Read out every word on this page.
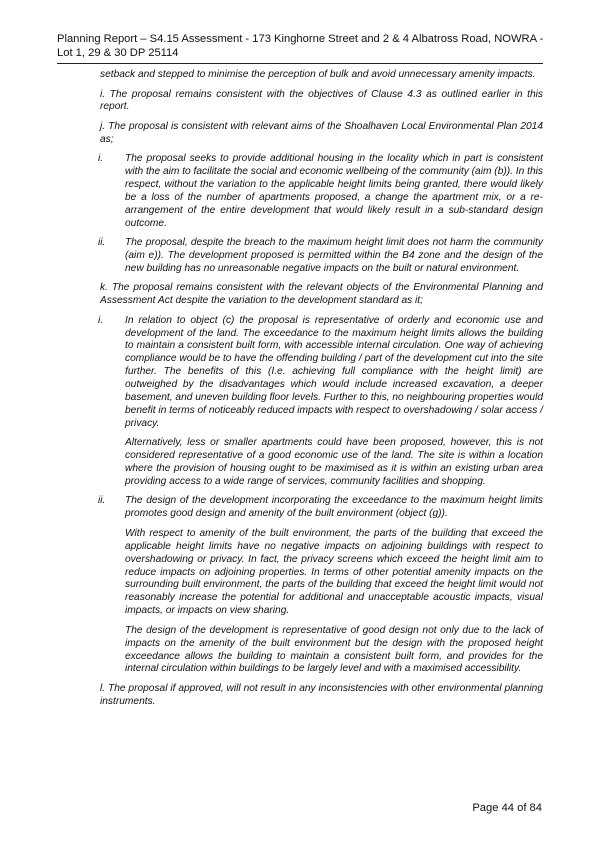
Planning Report – S4.15 Assessment - 173 Kinghorne Street and 2 & 4 Albatross Road, NOWRA -
Lot 1, 29 & 30 DP 25114

setback and stepped to minimise the perception of bulk and avoid unnecessary amenity impacts.

i. The proposal remains consistent with the objectives of Clause 4.3 as outlined earlier in this report.

j. The proposal is consistent with relevant aims of the Shoalhaven Local Environmental Plan 2014 as;

i. The proposal seeks to provide additional housing in the locality which in part is consistent with the aim to facilitate the social and economic wellbeing of the community (aim (b)). In this respect, without the variation to the applicable height limits being granted, there would likely be a loss of the number of apartments proposed, a change the apartment mix, or a re-arrangement of the entire development that would likely result in a sub-standard design outcome.

ii. The proposal, despite the breach to the maximum height limit does not harm the community (aim e)). The development proposed is permitted within the B4 zone and the design of the new building has no unreasonable negative impacts on the built or natural environment.

k. The proposal remains consistent with the relevant objects of the Environmental Planning and Assessment Act despite the variation to the development standard as it;

i. In relation to object (c) the proposal is representative of orderly and economic use and development of the land. The exceedance to the maximum height limits allows the building to maintain a consistent built form, with accessible internal circulation. One way of achieving compliance would be to have the offending building / part of the development cut into the site further. The benefits of this (I.e. achieving full compliance with the height limit) are outweighed by the disadvantages which would include increased excavation, a deeper basement, and uneven building floor levels. Further to this, no neighbouring properties would benefit in terms of noticeably reduced impacts with respect to overshadowing / solar access / privacy.

Alternatively, less or smaller apartments could have been proposed, however, this is not considered representative of a good economic use of the land. The site is within a location where the provision of housing ought to be maximised as it is within an existing urban area providing access to a wide range of services, community facilities and shopping.

ii. The design of the development incorporating the exceedance to the maximum height limits promotes good design and amenity of the built environment (object (g)).

With respect to amenity of the built environment, the parts of the building that exceed the applicable height limits have no negative impacts on adjoining buildings with respect to overshadowing or privacy. In fact, the privacy screens which exceed the height limit aim to reduce impacts on adjoining properties. In terms of other potential amenity impacts on the surrounding built environment, the parts of the building that exceed the height limit would not reasonably increase the potential for additional and unacceptable acoustic impacts, visual impacts, or impacts on view sharing.

The design of the development is representative of good design not only due to the lack of impacts on the amenity of the built environment but the design with the proposed height exceedance allows the building to maintain a consistent built form, and provides for the internal circulation within buildings to be largely level and with a maximised accessibility.

l. The proposal if approved, will not result in any inconsistencies with other environmental planning instruments.

Page 44 of 84
